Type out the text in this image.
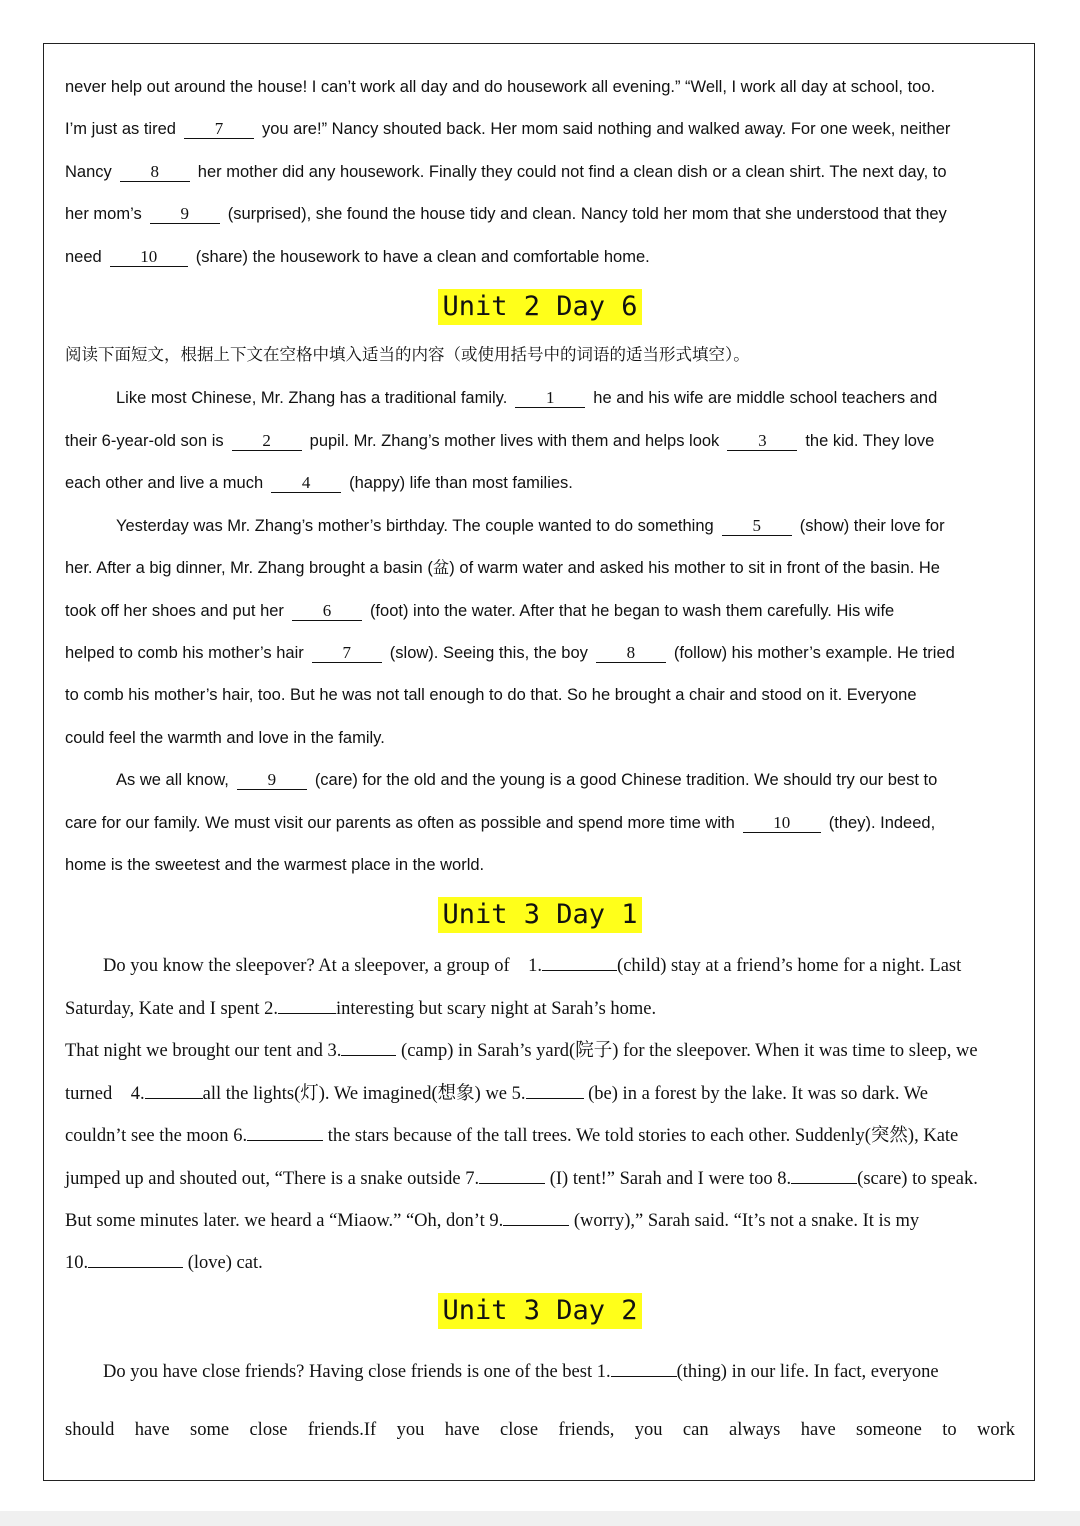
never help out around the house! I can’t work all day and do housework all evening.” “Well, I work all day at school, too.
I’m just as tired 7 you are!” Nancy shouted back. Her mom said nothing and walked away. For one week, neither
Nancy 8 her mother did any housework. Finally they could not find a clean dish or a clean shirt. The next day, to
her mom’s 9 (surprised), she found the house tidy and clean. Nancy told her mom that she understood that they
need 10 (share) the housework to have a clean and comfortable home.
Unit 2 Day 6
阅读下面短文，根据上下文在空格中填入适当的内容（或使用括号中的词语的适当形式填空）。
Like most Chinese, Mr. Zhang has a traditional family. 1 he and his wife are middle school teachers and
their 6-year-old son is 2 pupil. Mr. Zhang’s mother lives with them and helps look 3 the kid. They love
each other and live a much 4 (happy) life than most families.
Yesterday was Mr. Zhang’s mother’s birthday. The couple wanted to do something 5 (show) their love for
her. After a big dinner, Mr. Zhang brought a basin (盆) of warm water and asked his mother to sit in front of the basin. He
took off her shoes and put her 6 (foot) into the water. After that he began to wash them carefully. His wife
helped to comb his mother’s hair 7 (slow). Seeing this, the boy 8 (follow) his mother’s example. He tried
to comb his mother’s hair, too. But he was not tall enough to do that. So he brought a chair and stood on it. Everyone
could feel the warmth and love in the family.
As we all know, 9 (care) for the old and the young is a good Chinese tradition. We should try our best to
care for our family. We must visit our parents as often as possible and spend more time with 10 (they). Indeed,
home is the sweetest and the warmest place in the world.
Unit 3 Day 1
Do you know the sleepover? At a sleepover, a group of 1.	(child) stay at a friend’s home for a night. Last
Saturday, Kate and I spent 2.	interesting but scary night at Sarah’s home.
That night we brought our tent and 3.	(camp) in Sarah’s yard(院子) for the sleepover. When it was time to sleep, we
turned 4.	all the lights(灯). We imagined(想象) we 5.	(be) in a forest by the lake. It was so dark. We
couldn’t see the moon 6.	the stars because of the tall trees. We told stories to each other. Suddenly(突然), Kate
jumped up and shouted out, “There is a snake outside 7.	(I) tent!” Sarah and I were too 8.	(scare) to speak.
But some minutes later. we heard a “Miaow.” “Oh, don’t 9.	(worry),” Sarah said. “It’s not a snake. It is my
10.	(love) cat.
Unit 3 Day 2
Do you have close friends? Having close friends is one of the best 1.	(thing) in our life. In fact, everyone
should have some close friends.If you have close friends, you can always have someone to work
